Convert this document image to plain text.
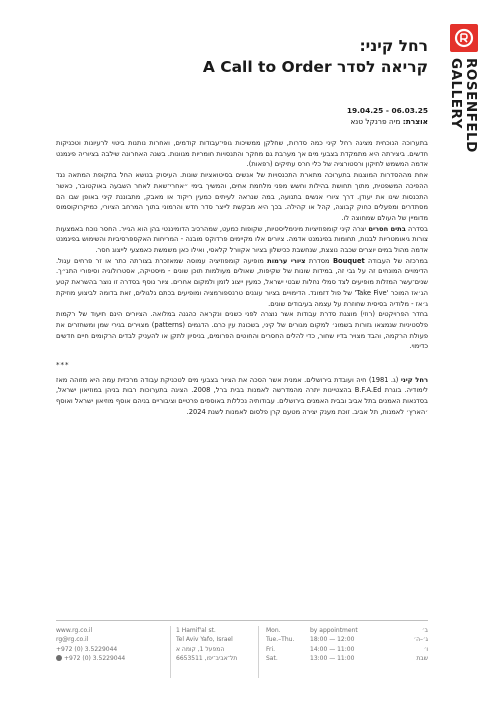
ROSENFELD
GALLERY
רחל קיני:
קריאה לסדר A Call to Order
19.04.25 - 06.03.25
אוצרת: מיה פרנקל טנא

בתערוכה הנוכחית מציגה רחל קיני כמה סדרות, שחלקן ממשיכות גופי־עבודות קודמים, ואחרות נותנות ביטוי לרעיונות וטכניקות חדשים. ביצירתה היא מתמקדת בצבעי מים אך מערבת גם מחקר והתנסויות חומריות מגוונות. בשנה האחרונה שילבה בציוריה פיגמנט אדמה המשמש לתיקון ורסטורציה של כלי חרס עתיקים (רפאות).

אחת מההסדרות המוצגות בתערוכה מתארת התכנסויות של אנשים בסיטואציות שונות. העיסוק בנושא החל בתקופת המתאה נגד ההפיכה המשפטית, מתוך תחושת בהילות וחשש מפני מלחמת אחים, והמשיך בימי ״אחרי־שאת לאחר השבעה באוקטובר, כאשר התכנסות שינו את יעודן. דרך ציורי אנשים בתנועה, במה שנראה לעיתים כמעין ריקוד או מאבק, מתבוננת קיני באופן שבו הם מסתדרים ומפעלים כחוק קבוצה, קהל או קהילה. בכך היא מבקשת לייצר סדר חדש והרמוני בתוך המרחב הציורי, כמיקרוקוסמוס מדומיין של העולם שמחוצה לו.

בסדרה בתים חסרים יצרה קיני קומפוזיציות מינימליסטיות, שקופות כמעט, שמהרכיב הדומיננטי בהן הוא הגייר. החסר נוכח באמצעות צורות גיאומטריות לבנות, תחומות בפיגמנט אדמה. ציורים אלו מקיימים פרדוקס מובנה - המריחות האקספרסיביות והשימוש בפיגמנט אדמה מהול במים יוצרים שכבה נוצצת, שנחשבת ככישלון בציור אקוורל קלאסי, ואילו כאן משמשת כאמצעי לייצוג חסר.

במרכזה של העבודה Bouquet מסדרת ציורי ערמות מופיעה קומפוזיציה עמוסה שמאזכרת בצורתה כתר או זר פרחים עגול. הדימויים המונחים זה על גבי זה, במידות שונות של שקיפות, שאולים מעולמות תוכן שונים - מיסטיקה, אסטרולוגיה וסיפורי התנ״ך. שנים־עשר המזלות מופיעים לצד סמלי נחלות שבטי ישראל, כמעין ייצוג לזמן ולמקום אחרים. ציור נוסף בסדרה זו נוצר בהשראת קטע הג׳אז המוכר 'Take Five' של פול דזמונד. הדימויים בציור עוגנים טרנספורמציה ומופיעים בכתם גלגולים, זאת בדומה לביצוע מוזיקת ג׳אז - מלודיה בסיסית שחוזרת על עצמה בעיבודים שונים.

בחדר הפרויקטים (רוזי) מוצגת סדרת עבודות אשר נוצרה לפני כשנים ונקראה כהגנה במלואה. הציורים הינם תיעוד של רקמות פלסטיניות שנמצאו גזורות בשמונ׳ למקום מגורים של קיני, בשכונת עין כרם. הדגמים (patterns) מצוירים בגירי שמן ומשחזרים את פעולת הרקמה, והבד מצויר בדיו שחור, כדי להלים החסרים והחוטים הפרומים, בניסיון לתקן או להעניק לבדים הרקומים חיים חדשים כדימוי.

***

רחל קיני (ג. 1981) חיה ועובדת בירושלים. אמנית אשר הסכה את הציור בצבעי מים לטכניקת עבודה מרכזית עמה היא מזוהה מאז לימודיה. בוגרת B.F.A.Ed בהצטיינות יתרה מהמדרשה לאמנות בבית ברל, 2008. הציגה בתערוכות רבות בניהן במוזיאון ישראל, בסדנאות האמנים בתל אביב ובבית האמנים בירושלים. עבודותיה נכללות באוספים פרטיים וציבוריים בניהם אוסף מוזיאון ישראל ואוסף ׳הארץ׳ לאמנות, תל אביב. זוכת מענק יצירה מטעם קרן פלסום לאמנות לשנת 2024.

www.rg.co.il
rg@rg.co.il
+972 (0) 3.5229044
+972 (0) 3.5229044
1 Hamif'al st.
Tel Aviv Yafo, Israel
המפעל 1, קומה א
תל־אביב־יפו, 6653511
Mon.
Tue.–Thu.
Fri.
Sat.
by appointment
18:00 — 12:00
14:00 — 11:00
13:00 — 11:00
ב׳
ג׳–ה׳
ו׳
שבת
